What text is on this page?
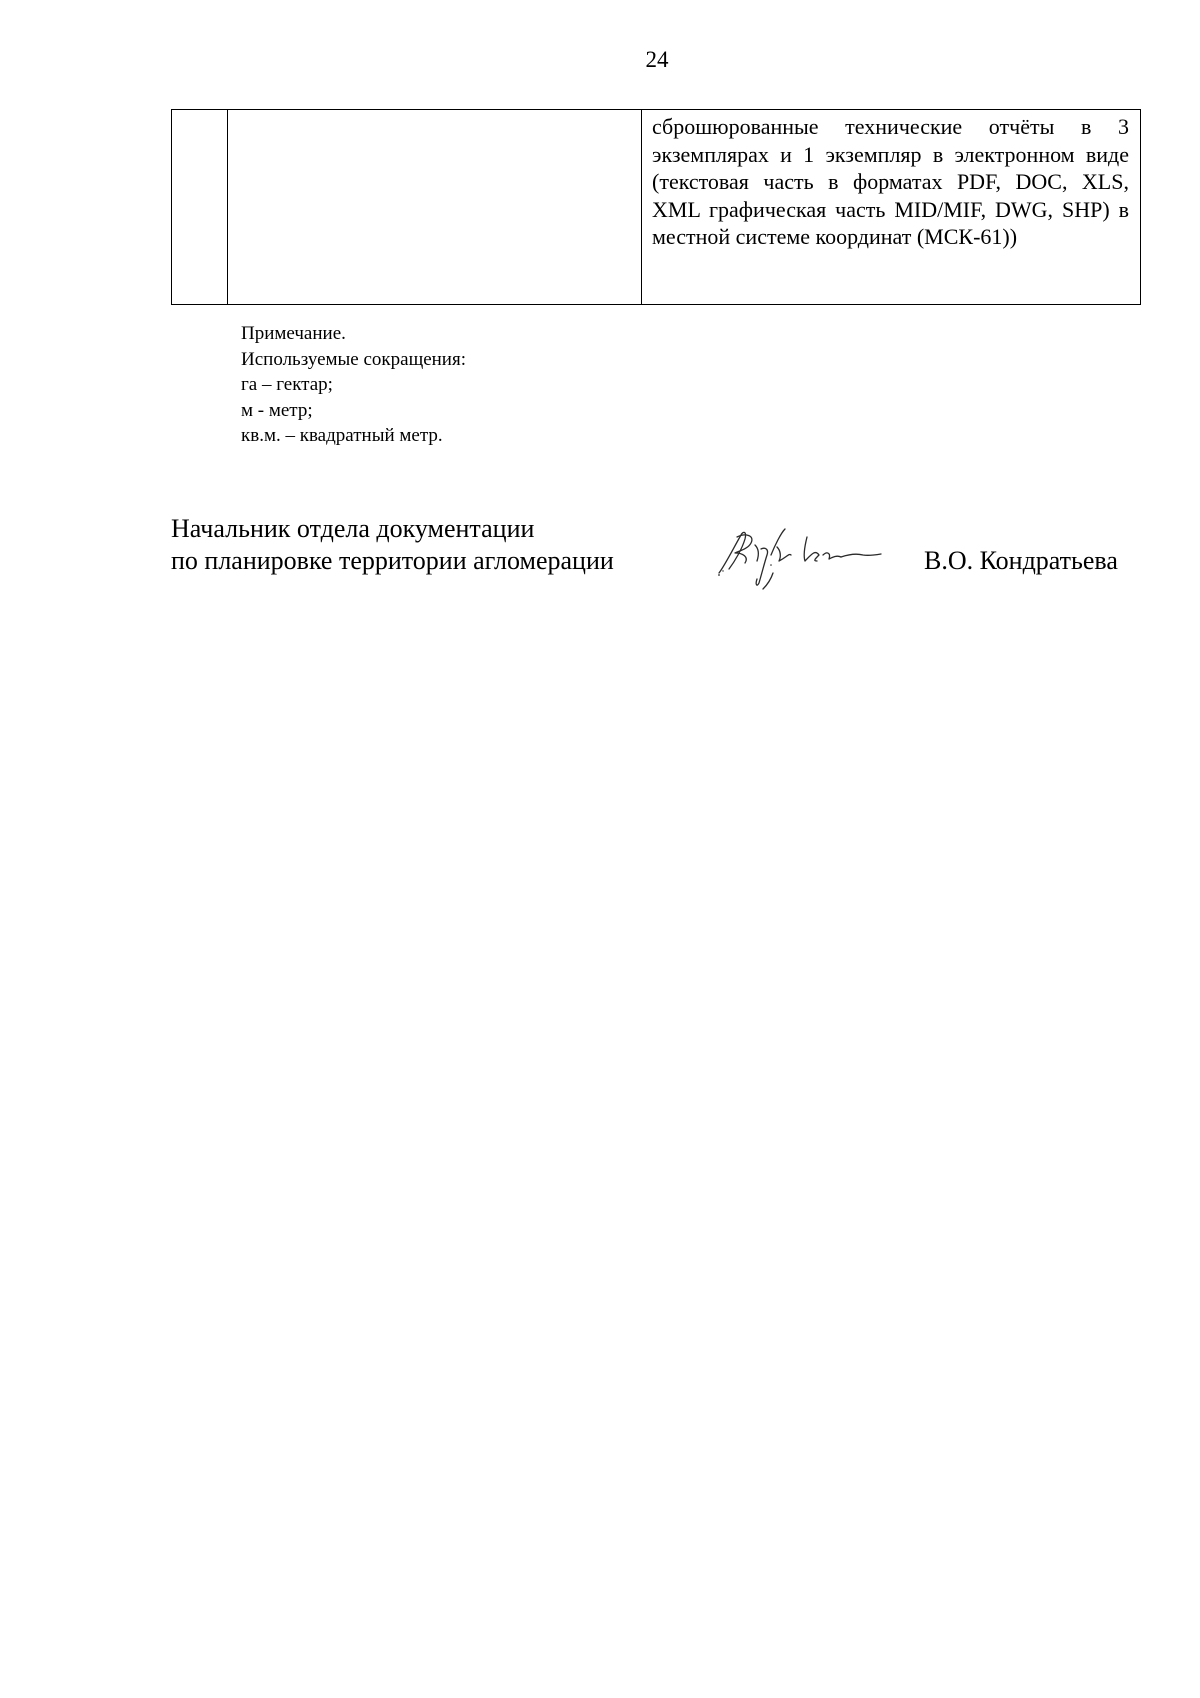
24

сброшюрованные технические отчёты в 3 экземплярах и 1 экземпляр в электронном виде (текстовая часть в форматах PDF, DOC, XLS, XML графическая часть MID/MIF, DWG, SHP) в местной системе координат (МСК-61))
Примечание.
Используемые сокращения:
га – гектар;
м - метр;
кв.м. – квадратный метр.
Начальник отдела документации
по планировке территории агломерации	В.О. Кондратьева
